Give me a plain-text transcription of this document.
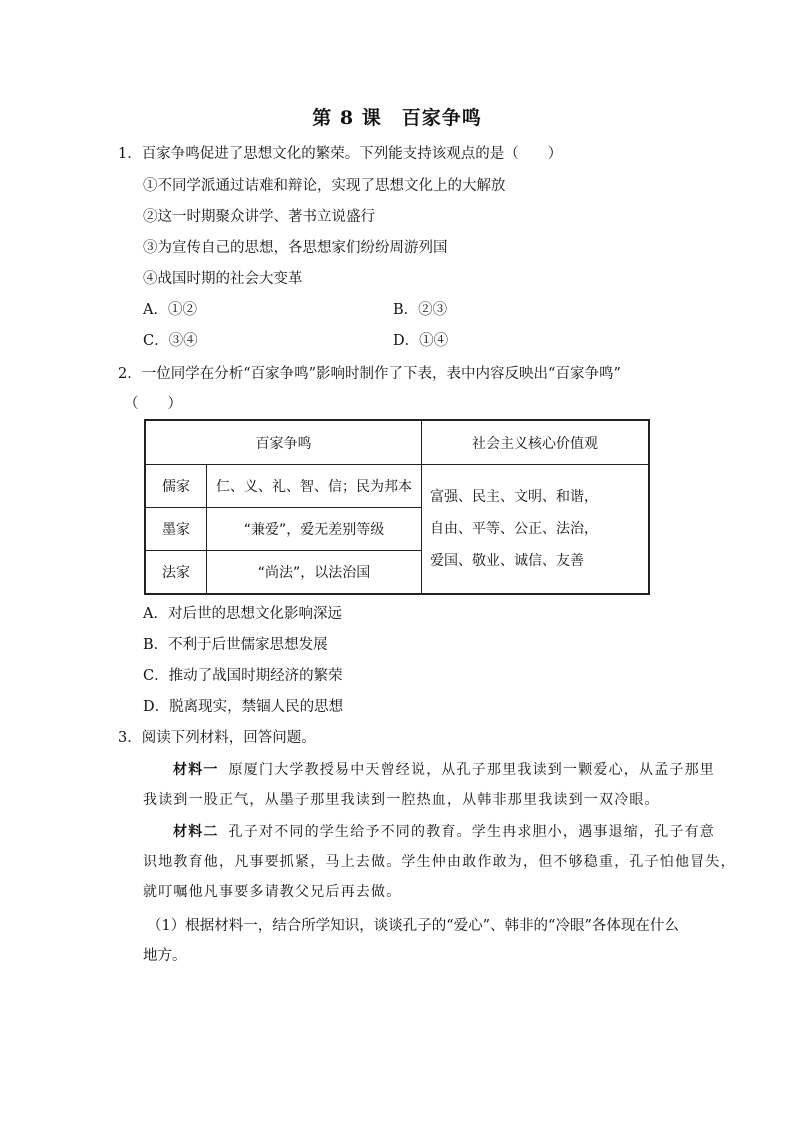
第 8 课　百家争鸣
1．百家争鸣促进了思想文化的繁荣。下列能支持该观点的是（　　）
①不同学派通过诘难和辩论，实现了思想文化上的大解放
②这一时期聚众讲学、著书立说盛行
③为宣传自己的思想，各思想家们纷纷周游列国
④战国时期的社会大变革
A．①②	B．②③
C．③④	D．①④
2．一位同学在分析“百家争鸣”影响时制作了下表，表中内容反映出“百家争鸣”
（　　）
百家争鸣		社会主义核心价值观
儒家	仁、义、礼、智、信；民为邦本	富强、民主、文明、和谐，
自由、平等、公正、法治，
爱国、敬业、诚信、友善

墨家	“兼爱”，爱无差别等级	
法家	“尚法”，以法治国	
A．对后世的思想文化影响深远
B．不利于后世儒家思想发展
C．推动了战国时期经济的繁荣
D．脱离现实，禁锢人民的思想
3．阅读下列材料，回答问题。
材料一 原厦门大学教授易中天曾经说，从孔子那里我读到一颗爱心，从孟子那里
我读到一股正气，从墨子那里我读到一腔热血，从韩非那里我读到一双冷眼。
材料二 孔子对不同的学生给予不同的教育。学生冉求胆小，遇事退缩，孔子有意
识地教育他，凡事要抓紧，马上去做。学生仲由敢作敢为，但不够稳重，孔子怕他冒失，
就叮嘱他凡事要多请教父兄后再去做。
（1）根据材料一，结合所学知识，谈谈孔子的“爱心”、韩非的“冷眼”各体现在什么
地方。
